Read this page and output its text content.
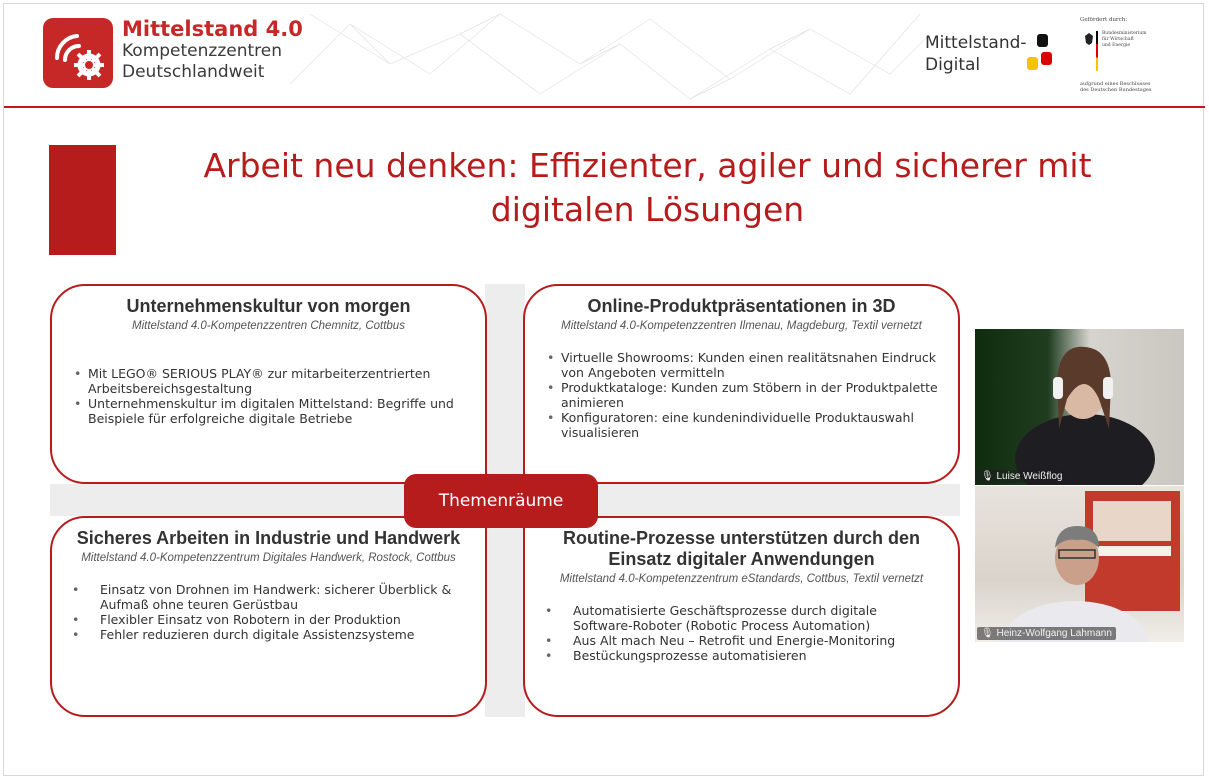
Mittelstand 4.0
Kompetenzzentren
Deutschlandweit
Mittelstand-
Digital
Gefördert durch:
Bundesministerium
für Wirtschaft
und Energie
aufgrund eines Beschlusses
des Deutschen Bundestages
Arbeit neu denken: Effizienter, agiler und sicherer mit
digitalen Lösungen
Unternehmenskultur von morgen
Mittelstand 4.0-Kompetenzzentren Chemnitz, Cottbus
• Mit LEGO® SERIOUS PLAY® zur mitarbeiterzentrierten Arbeitsbereichsgestaltung
• Unternehmenskultur im digitalen Mittelstand: Begriffe und Beispiele für erfolgreiche digitale Betriebe
Online-Produktpräsentationen in 3D
Mittelstand 4.0-Kompetenzzentren Ilmenau, Magdeburg, Textil vernetzt
• Virtuelle Showrooms: Kunden einen realitätsnahen Eindruck von Angeboten vermitteln
• Produktkataloge: Kunden zum Stöbern in der Produktpalette animieren
• Konfiguratoren: eine kundenindividuelle Produktauswahl visualisieren
Sicheres Arbeiten in Industrie und Handwerk
Mittelstand 4.0-Kompetenzzentrum Digitales Handwerk, Rostock, Cottbus
• Einsatz von Drohnen im Handwerk: sicherer Überblick & Aufmaß ohne teuren Gerüstbau
• Flexibler Einsatz von Robotern in der Produktion
• Fehler reduzieren durch digitale Assistenzsysteme
Routine-Prozesse unterstützen durch den Einsatz digitaler Anwendungen
Mittelstand 4.0-Kompetenzzentrum eStandards, Cottbus, Textil vernetzt
• Automatisierte Geschäftsprozesse durch digitale Software-Roboter (Robotic Process Automation)
• Aus Alt mach Neu – Retrofit und Energie-Monitoring
• Bestückungsprozesse automatisieren
Themenräume
🎙 Luise Weißflog
🎙 Heinz-Wolfgang Lahmann
